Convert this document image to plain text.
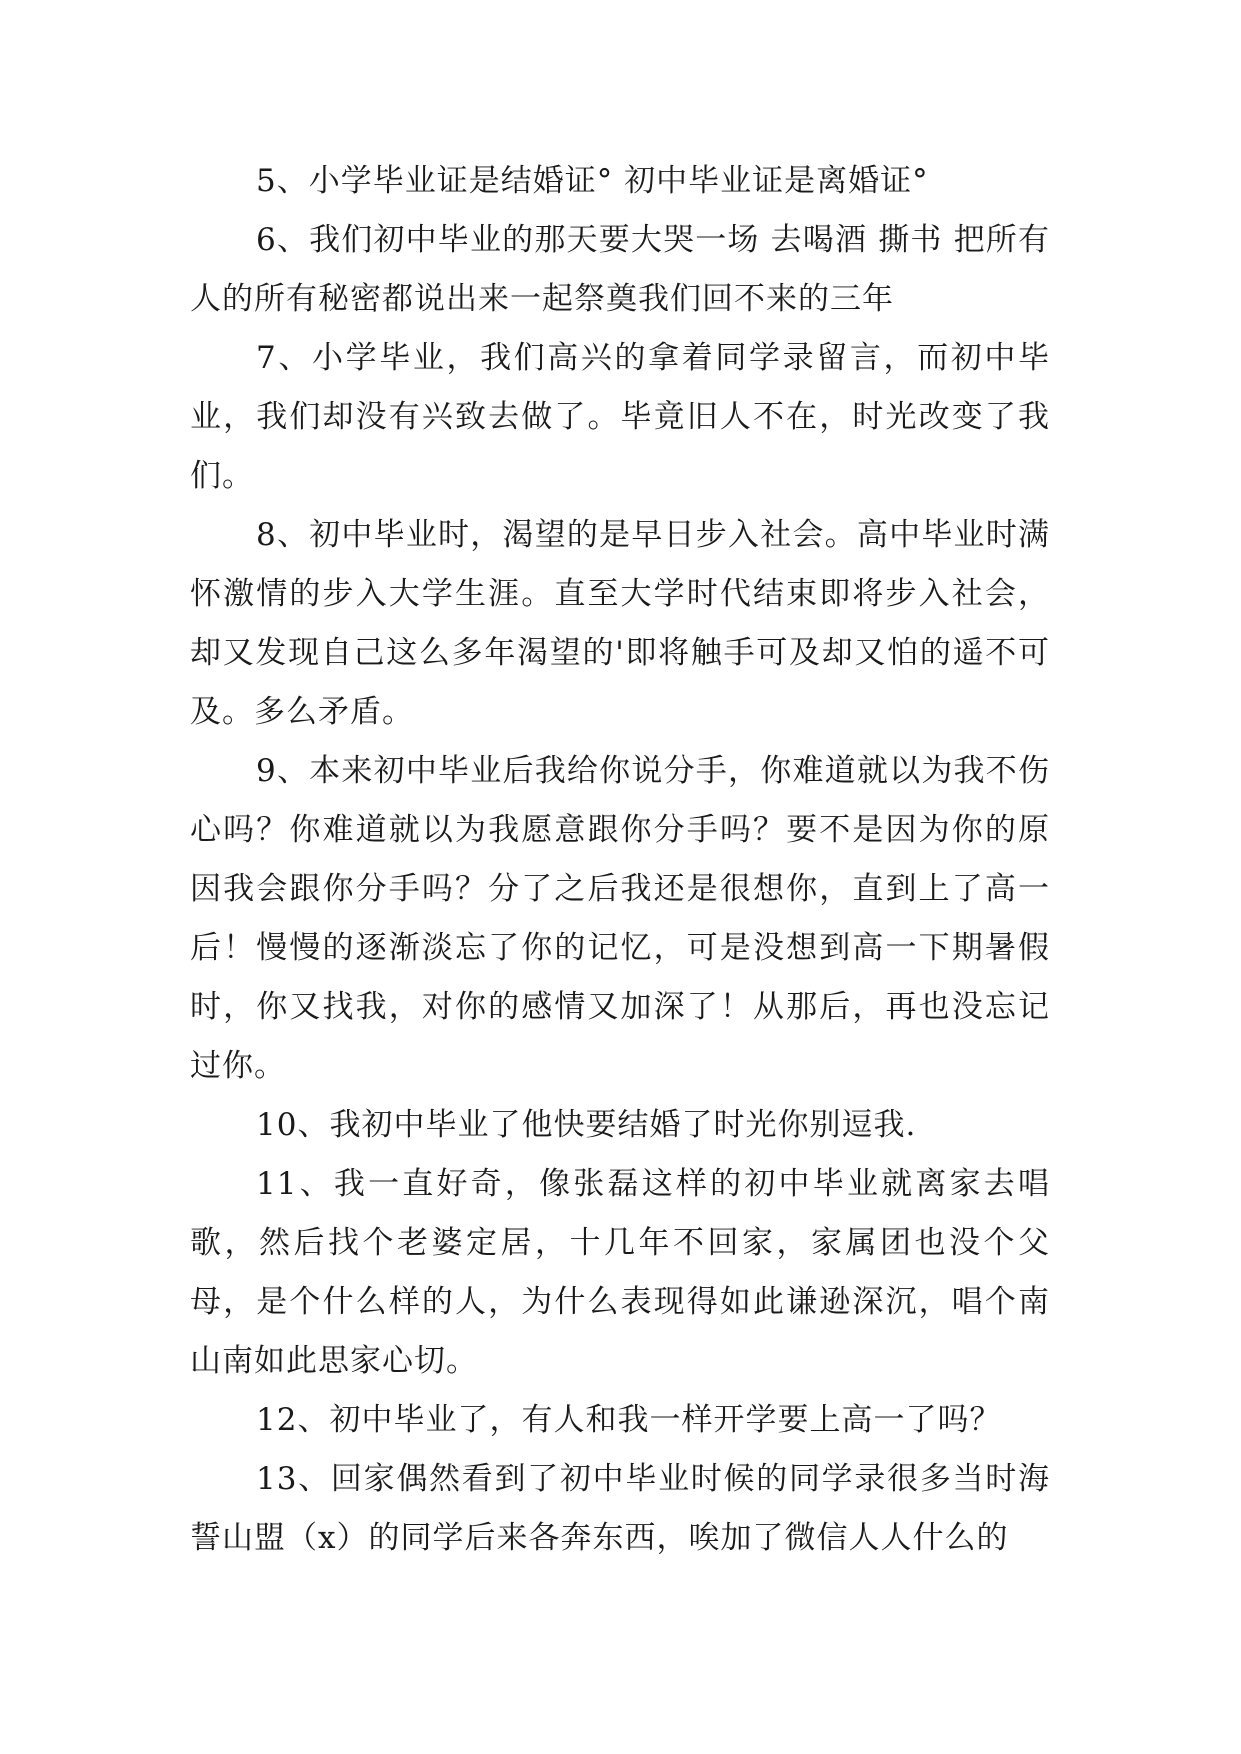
5、小学毕业证是结婚证° 初中毕业证是离婚证°

6、我们初中毕业的那天要大哭一场 去喝酒 撕书 把所有人的所有秘密都说出来一起祭奠我们回不来的三年

7、小学毕业，我们高兴的拿着同学录留言，而初中毕业，我们却没有兴致去做了。毕竟旧人不在，时光改变了我们。

8、初中毕业时，渴望的是早日步入社会。高中毕业时满怀激情的步入大学生涯。直至大学时代结束即将步入社会，却又发现自己这么多年渴望的'即将触手可及却又怕的遥不可及。多么矛盾。

9、本来初中毕业后我给你说分手，你难道就以为我不伤心吗？你难道就以为我愿意跟你分手吗？要不是因为你的原因我会跟你分手吗？分了之后我还是很想你，直到上了高一后！慢慢的逐渐淡忘了你的记忆，可是没想到高一下期暑假时，你又找我，对你的感情又加深了！从那后，再也没忘记过你。

10、我初中毕业了他快要结婚了时光你别逗我.

11、我一直好奇，像张磊这样的初中毕业就离家去唱歌，然后找个老婆定居，十几年不回家，家属团也没个父母，是个什么样的人，为什么表现得如此谦逊深沉，唱个南山南如此思家心切。

12、初中毕业了，有人和我一样开学要上高一了吗？

13、回家偶然看到了初中毕业时候的同学录很多当时海誓山盟（x）的同学后来各奔东西，唉加了微信人人什么的
